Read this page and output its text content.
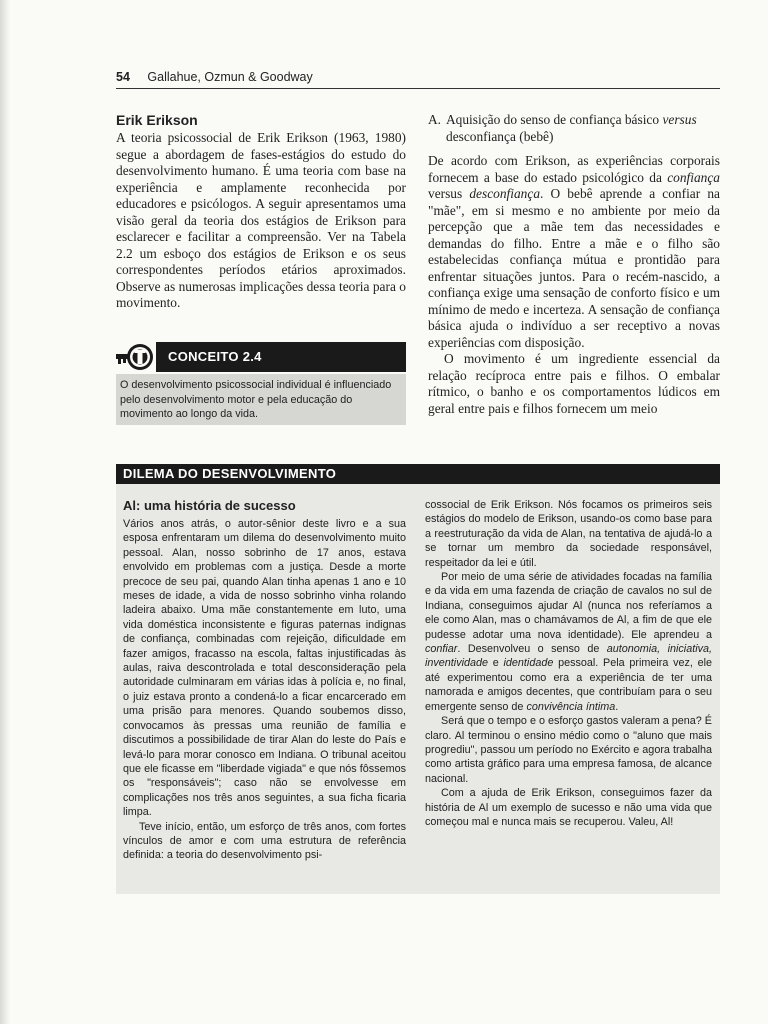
54 Gallahue, Ozmun & Goodway
Erik Erikson

A teoria psicossocial de Erik Erikson (1963, 1980) segue a abordagem de fases-estágios do estudo do desenvolvimento humano. É uma teoria com base na experiência e amplamente reconhecida por educadores e psicólogos. A seguir apresentamos uma visão geral da teoria dos estágios de Erikson para esclarecer e facilitar a compreensão. Ver na Tabela 2.2 um esboço dos estágios de Erikson e os seus correspondentes períodos etários aproximados. Observe as numerosas implicações dessa teoria para o movimento.

CONCEITO 2.4
O desenvolvimento psicossocial individual é influenciado pelo desenvolvimento motor e pela educação do movimento ao longo da vida.
A. Aquisição do senso de confiança básico versus desconfiança (bebê)

De acordo com Erikson, as experiências corporais fornecem a base do estado psicológico da confiança versus desconfiança. O bebê aprende a confiar na "mãe", em si mesmo e no ambiente por meio da percepção que a mãe tem das necessidades e demandas do filho. Entre a mãe e o filho são estabelecidas confiança mútua e prontidão para enfrentar situações juntos. Para o recém-nascido, a confiança exige uma sensação de conforto físico e um mínimo de medo e incerteza. A sensação de confiança básica ajuda o indivíduo a ser receptivo a novas experiências com disposição.

O movimento é um ingrediente essencial da relação recíproca entre pais e filhos. O embalar rítmico, o banho e os comportamentos lúdicos em geral entre pais e filhos fornecem um meio

DILEMA DO DESENVOLVIMENTO
Al: uma história de sucesso

Vários anos atrás, o autor-sênior deste livro e a sua esposa enfrentaram um dilema do desenvolvimento muito pessoal. Alan, nosso sobrinho de 17 anos, estava envolvido em problemas com a justiça. Desde a morte precoce de seu pai, quando Alan tinha apenas 1 ano e 10 meses de idade, a vida de nosso sobrinho vinha rolando ladeira abaixo. Uma mãe constantemente em luto, uma vida doméstica inconsistente e figuras paternas indignas de confiança, combinadas com rejeição, dificuldade em fazer amigos, fracasso na escola, faltas injustificadas às aulas, raiva descontrolada e total desconsideração pela autoridade culminaram em várias idas à polícia e, no final, o juiz estava pronto a condená-lo a ficar encarcerado em uma prisão para menores. Quando soubemos disso, convocamos às pressas uma reunião de família e discutimos a possibilidade de tirar Alan do leste do País e levá-lo para morar conosco em Indiana. O tribunal aceitou que ele ficasse em "liberdade vigiada" e que nós fôssemos os "responsáveis"; caso não se envolvesse em complicações nos três anos seguintes, a sua ficha ficaria limpa.

Teve início, então, um esforço de três anos, com fortes vínculos de amor e com uma estrutura de referência definida: a teoria do desenvolvimento psi-

cossocial de Erik Erikson. Nós focamos os primeiros seis estágios do modelo de Erikson, usando-os como base para a reestruturação da vida de Alan, na tentativa de ajudá-lo a se tornar um membro da sociedade responsável, respeitador da lei e útil.

Por meio de uma série de atividades focadas na família e da vida em uma fazenda de criação de cavalos no sul de Indiana, conseguimos ajudar Al (nunca nos referíamos a ele como Alan, mas o chamávamos de Al, a fim de que ele pudesse adotar uma nova identidade). Ele aprendeu a confiar. Desenvolveu o senso de autonomia, iniciativa, inventividade e identidade pessoal. Pela primeira vez, ele até experimentou como era a experiência de ter uma namorada e amigos decentes, que contribuíam para o seu emergente senso de convivência íntima.

Será que o tempo e o esforço gastos valeram a pena? É claro. Al terminou o ensino médio como o "aluno que mais progrediu", passou um período no Exército e agora trabalha como artista gráfico para uma empresa famosa, de alcance nacional.

Com a ajuda de Erik Erikson, conseguimos fazer da história de Al um exemplo de sucesso e não uma vida que começou mal e nunca mais se recuperou. Valeu, Al!
